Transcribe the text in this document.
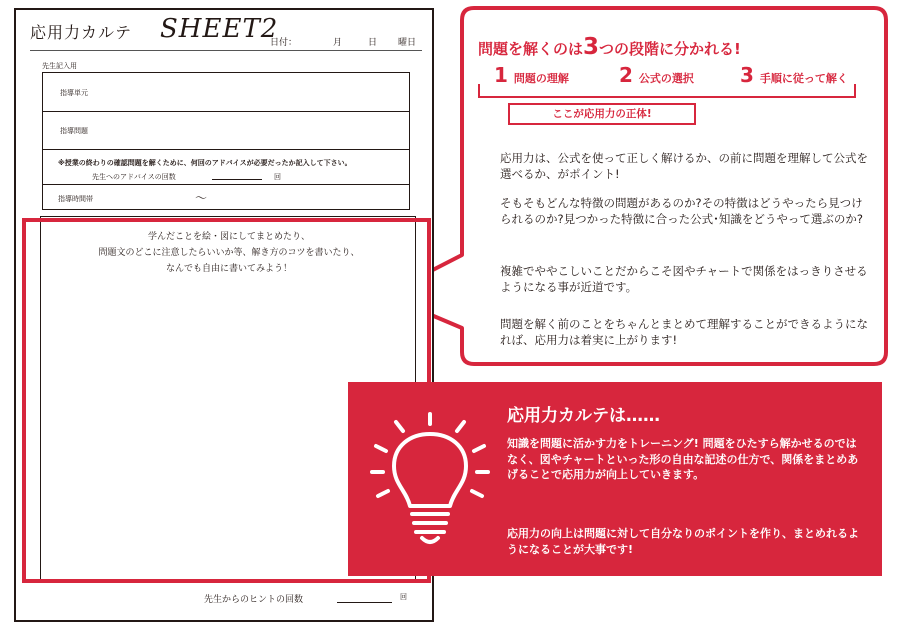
応用力カルテ SHEET2
日付：	月	日 曜日
先生記入用
指導単元
指導問題
※授業の終わりの確認問題を解くために、何回のアドバイスが必要だったか記入して下さい。
先生へのアドバイスの回数	回
指導時間帯	〜
学んだことを絵・図にしてまとめたり、
問題文のどこに注意したらいいか等、解き方のコツを書いたり、
なんでも自由に書いてみよう！
先生からのヒントの回数	回
問題を解くのは3つの段階に分かれる!
1 問題の理解	2 公式の選択 3 手順に従って解く
ここが応用力の正体!
応用力は、公式を使って正しく解けるか、の前に問題を理解して公式を選べるか、がポイント!
そもそもどんな特徴の問題があるのか?その特徴はどうやったら見つけられるのか?見つかった特徴に合った公式･知識をどうやって選ぶのか?
複雑でややこしいことだからこそ図やチャートで関係をはっきりさせるようになる事が近道です。
問題を解く前のことをちゃんとまとめて理解することができるようになれば、応用力は着実に上がります!
応用力カルテは……
知識を問題に活かす力をトレーニング! 問題をひたすら解かせるのではなく、図やチャートといった形の自由な記述の仕方で、関係をまとめあげることで応用力が向上していきます。
応用力の向上は問題に対して自分なりのポイントを作り、まとめれるようになることが大事です!
